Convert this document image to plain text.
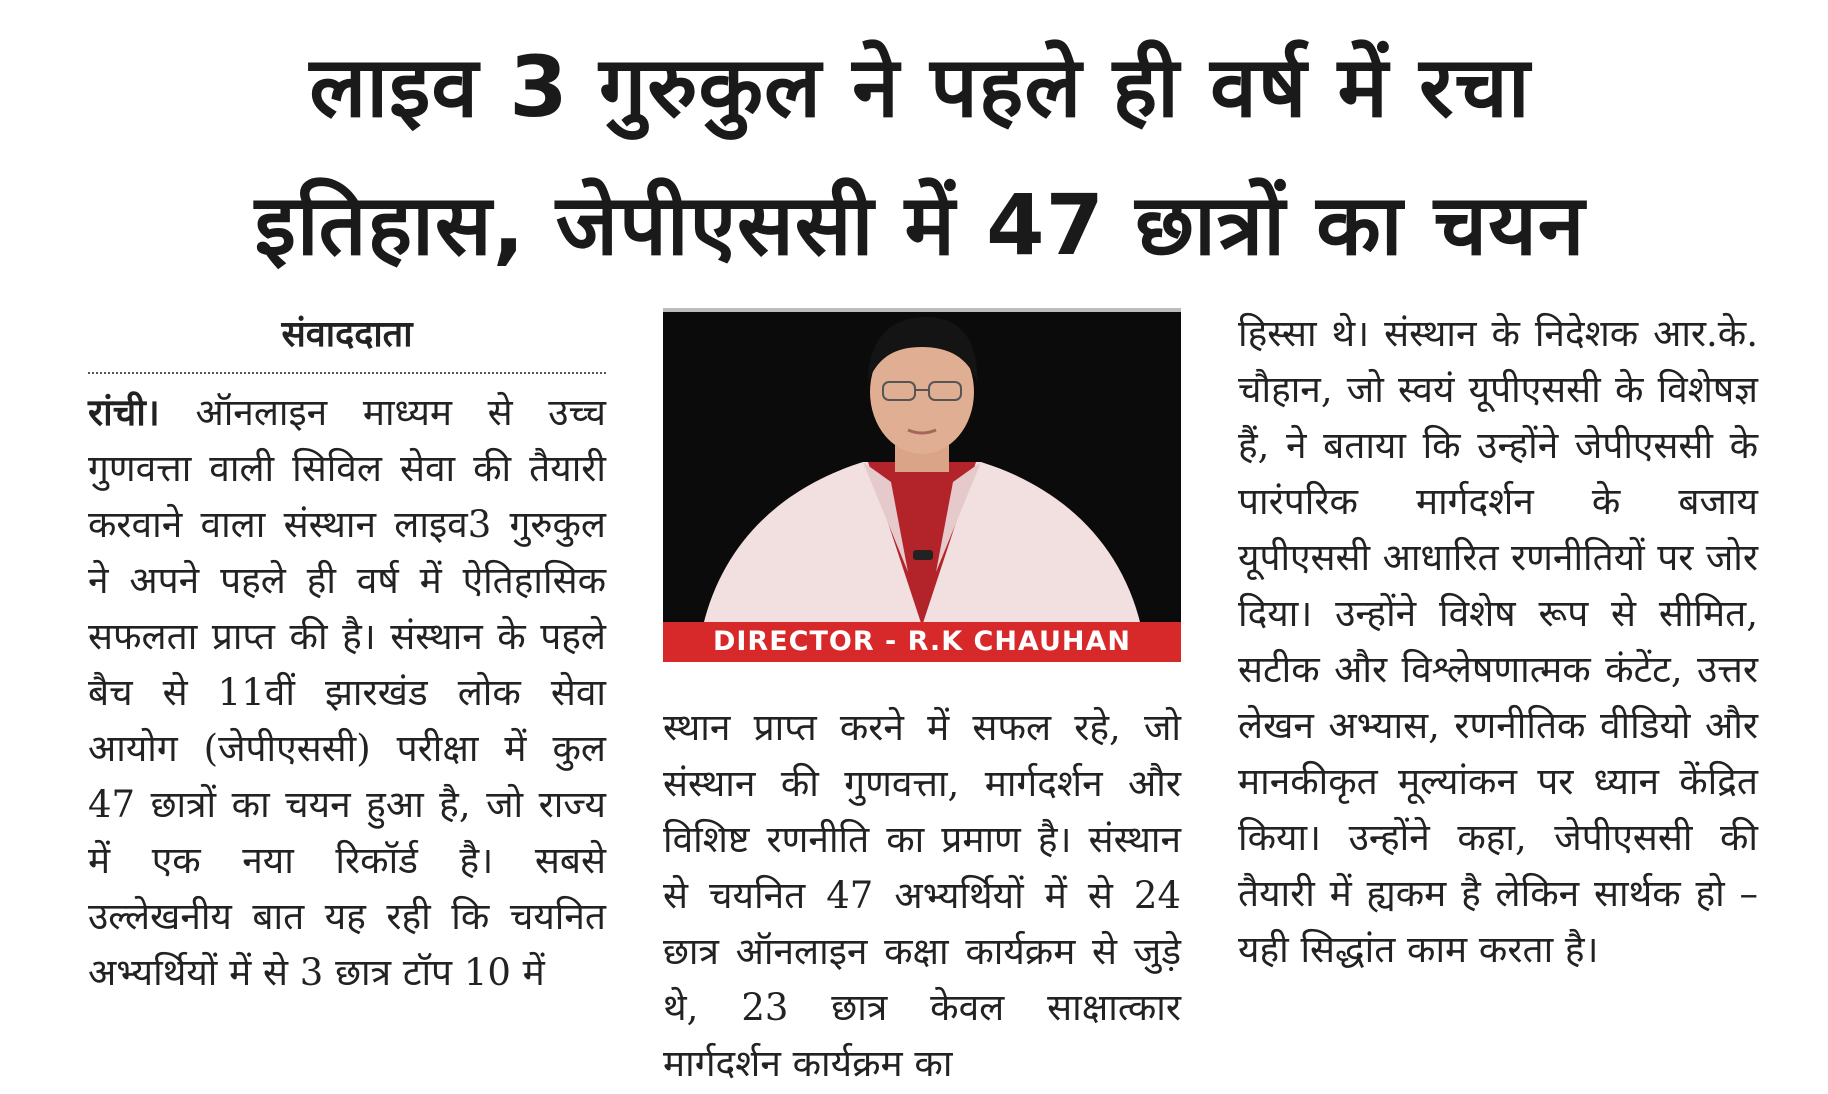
लाइव 3 गुरुकुल ने पहले ही वर्ष में रचा
इतिहास, जेपीएससी में 47 छात्रों का चयन
संवाददाता

रांची। ऑनलाइन माध्यम से उच्च गुणवत्ता वाली सिविल सेवा की तैयारी करवाने वाला संस्थान लाइव3 गुरुकुल ने अपने पहले ही वर्ष में ऐतिहासिक सफलता प्राप्त की है। संस्थान के पहले बैच से 11वीं झारखंड लोक सेवा आयोग (जेपीएससी) परीक्षा में कुल 47 छात्रों का चयन हुआ है, जो राज्य में एक नया रिकॉर्ड है। सबसे उल्लेखनीय बात यह रही कि चयनित अभ्यर्थियों में से 3 छात्र टॉप 10 में

DIRECTOR - R.K CHAUHAN

स्थान प्राप्त करने में सफल रहे, जो संस्थान की गुणवत्ता, मार्गदर्शन और विशिष्ट रणनीति का प्रमाण है। संस्थान से चयनित 47 अभ्यर्थियों में से 24 छात्र ऑनलाइन कक्षा कार्यक्रम से जुड़े थे, 23 छात्र केवल साक्षात्कार मार्गदर्शन कार्यक्रम का

हिस्सा थे। संस्थान के निदेशक आर.के. चौहान, जो स्वयं यूपीएससी के विशेषज्ञ हैं, ने बताया कि उन्होंने जेपीएससी के पारंपरिक मार्गदर्शन के बजाय यूपीएससी आधारित रणनीतियों पर जोर दिया। उन्होंने विशेष रूप से सीमित, सटीक और विश्लेषणात्मक कंटेंट, उत्तर लेखन अभ्यास, रणनीतिक वीडियो और मानकीकृत मूल्यांकन पर ध्यान केंद्रित किया। उन्होंने कहा, जेपीएससी की तैयारी में ह्यकम है लेकिन सार्थक हो – यही सिद्धांत काम करता है।
